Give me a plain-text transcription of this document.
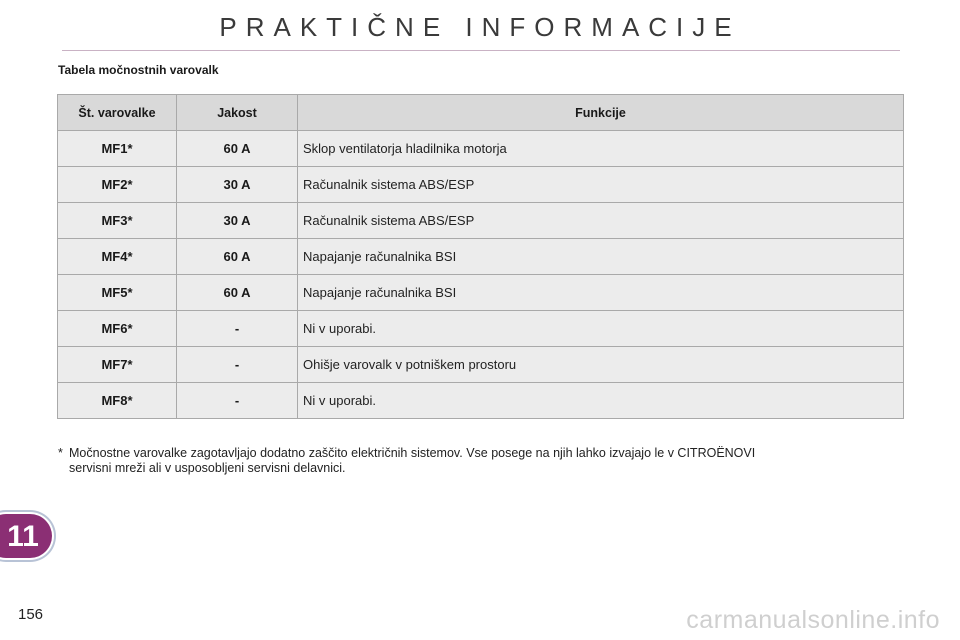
PRAKTIČNE INFORMACIJE
Tabela močnostnih varovalk
Št. varovalke	Jakost	Funkcije
MF1*	60 A	Sklop ventilatorja hladilnika motorja
MF2*	30 A	Računalnik sistema ABS/ESP
MF3*	30 A	Računalnik sistema ABS/ESP
MF4*	60 A	Napajanje računalnika BSI
MF5*	60 A	Napajanje računalnika BSI
MF6*	-	Ni v uporabi.
MF7*	-	Ohišje varovalk v potniškem prostoru
MF8*	-	Ni v uporabi.
* Močnostne varovalke zagotavljajo dodatno zaščito električnih sistemov. Vse posege na njih lahko izvajajo le v CITROËNOVI
servisni mreži ali v usposobljeni servisni delavnici.
11
156	carmanualsonline.info
